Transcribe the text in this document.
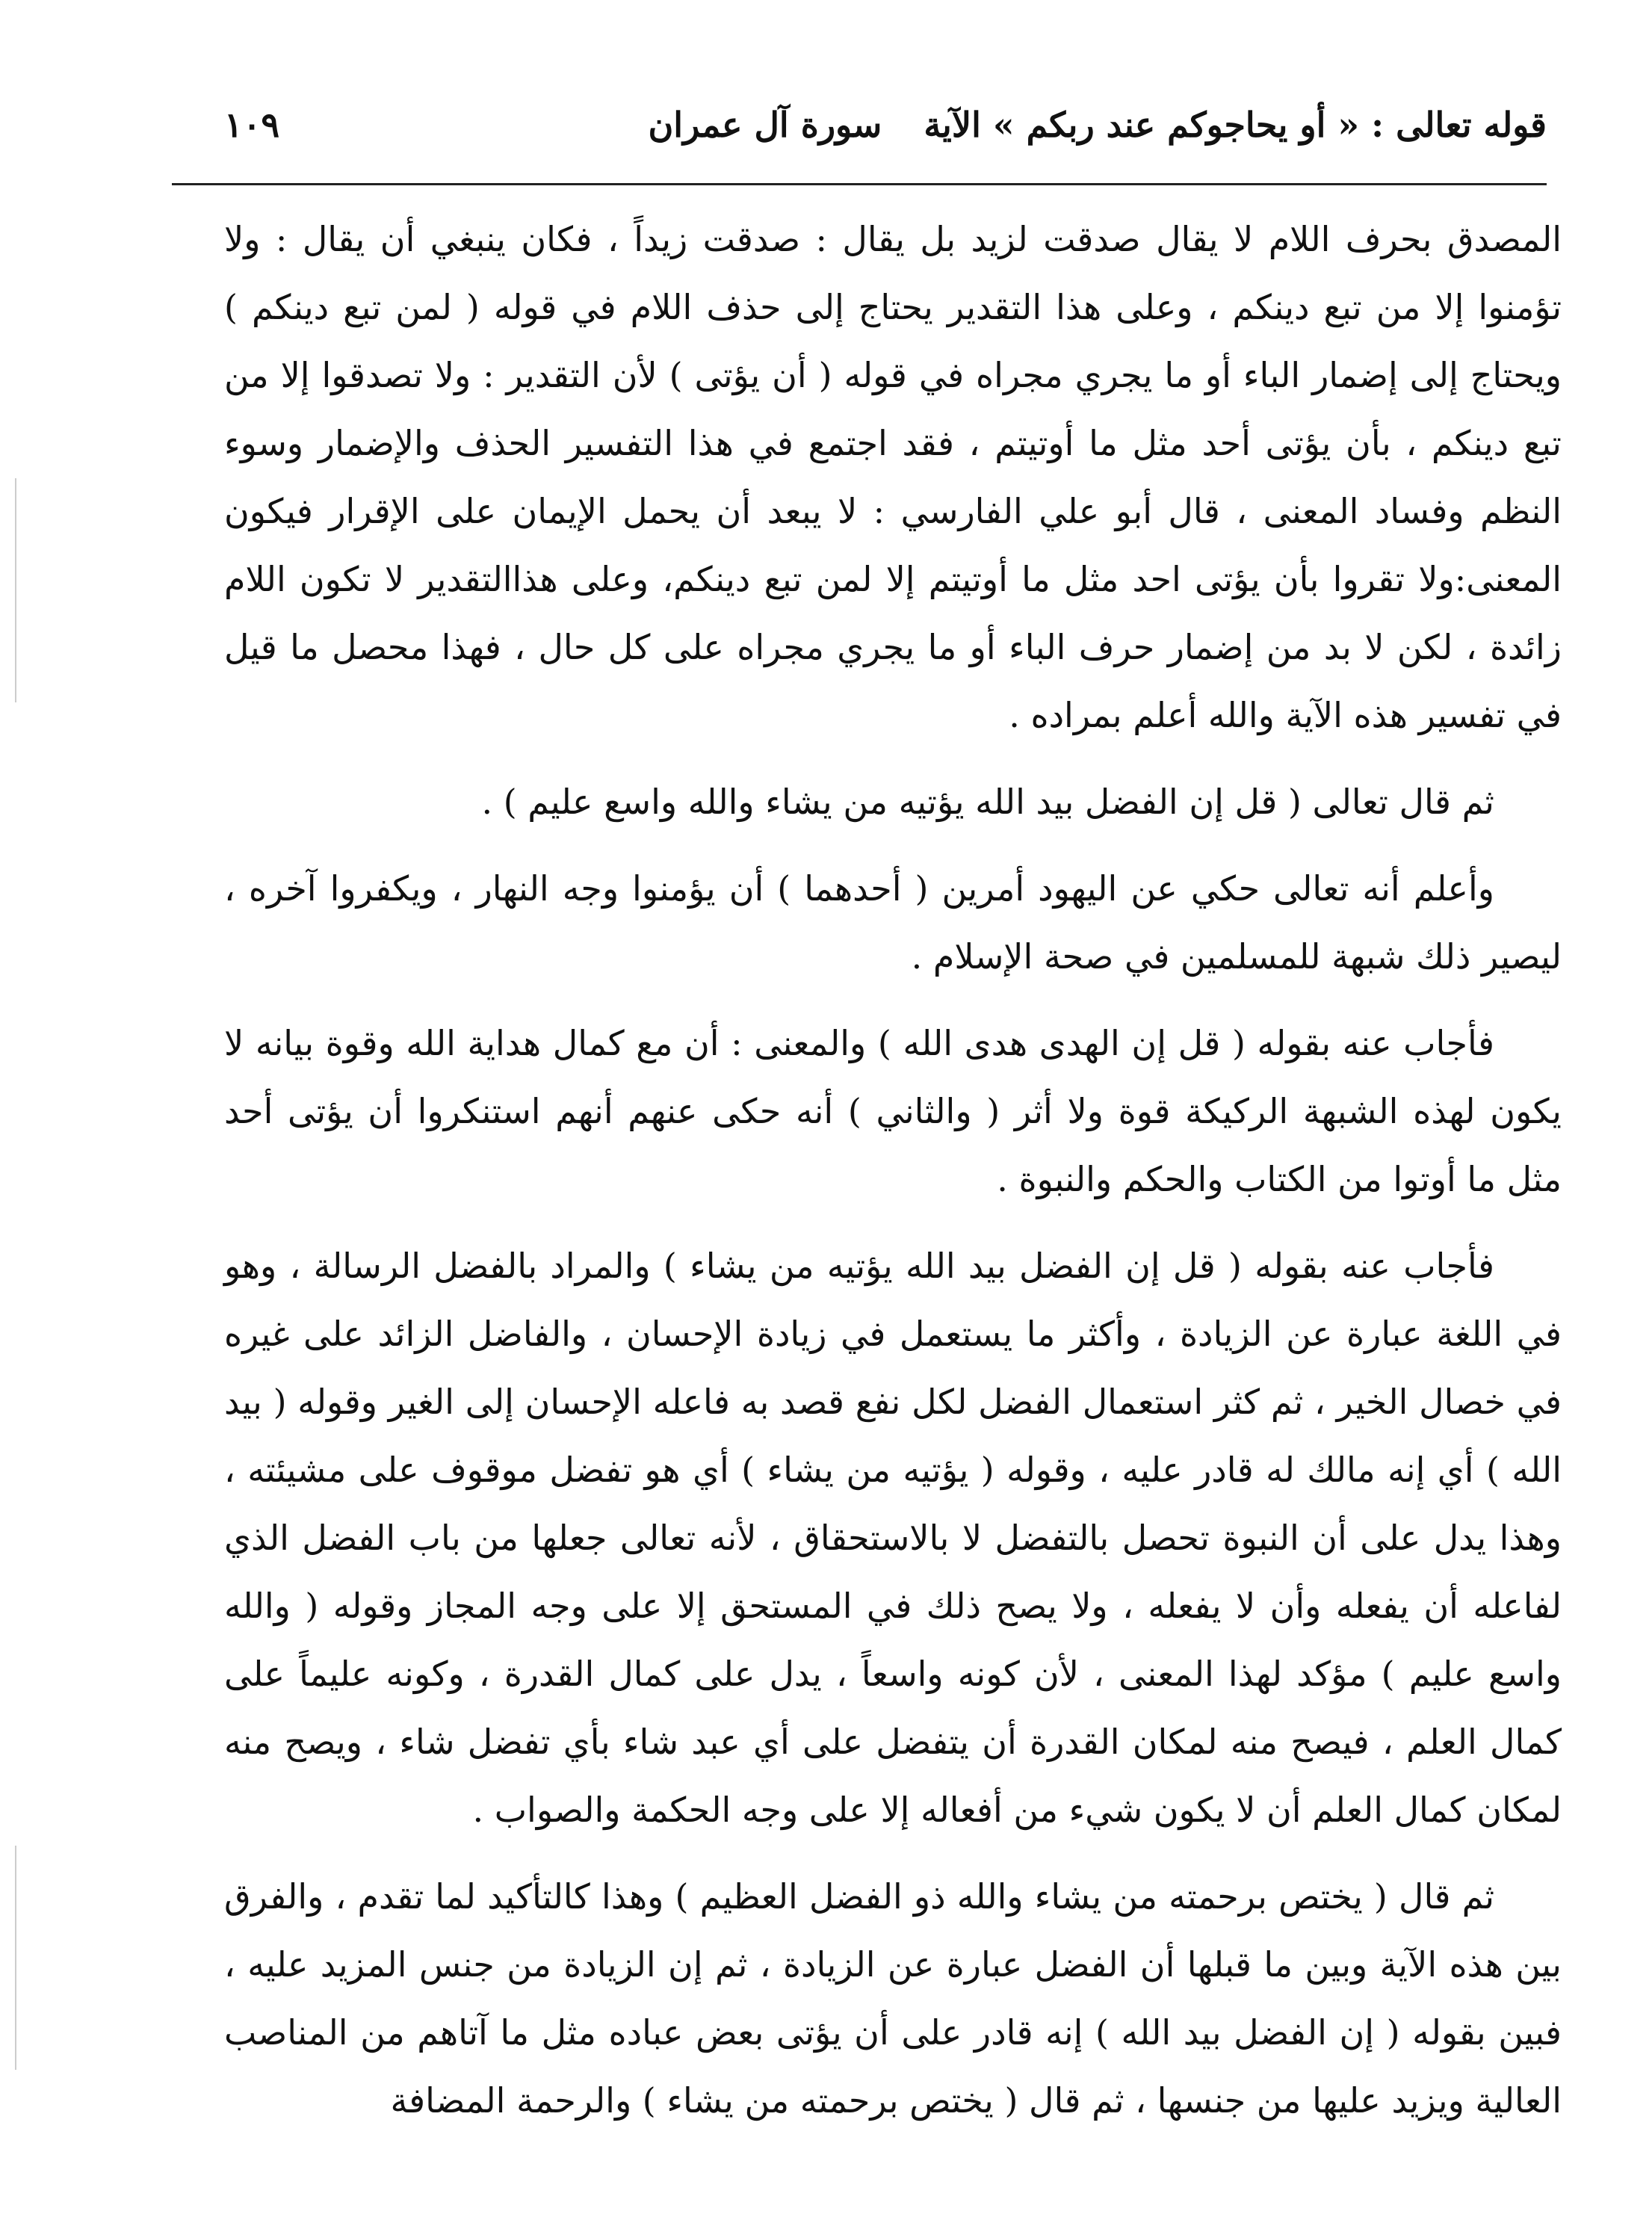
قوله تعالى : « أو يحاجوكم عند ربكم » الآية سورة آل عمران
١٠٩

المصدق بحرف اللام لا يقال صدقت لزيد بل يقال : صدقت زيداً ، فكان ينبغي أن يقال : ولا تؤمنوا إلا من تبع دينكم ، وعلى هذا التقدير يحتاج إلى حذف اللام في قوله ( لمن تبع دينكم ) ويحتاج إلى إضمار الباء أو ما يجري مجراه في قوله ( أن يؤتى ) لأن التقدير : ولا تصدقوا إلا من تبع دينكم ، بأن يؤتى أحد مثل ما أوتيتم ، فقد اجتمع في هذا التفسير الحذف والإضمار وسوء النظم وفساد المعنى ، قال أبو علي الفارسي : لا يبعد أن يحمل الإيمان على الإقرار فيكون المعنى:ولا تقروا بأن يؤتى احد مثل ما أوتيتم إلا لمن تبع دينكم، وعلى هذاالتقدير لا تكون اللام زائدة ، لكن لا بد من إضمار حرف الباء أو ما يجري مجراه على كل حال ، فهذا محصل ما قيل في تفسير هذه الآية والله أعلم بمراده .

ثم قال تعالى ( قل إن الفضل بيد الله يؤتيه من يشاء والله واسع عليم ) .

وأعلم أنه تعالى حكي عن اليهود أمرين ( أحدهما ) أن يؤمنوا وجه النهار ، ويكفروا آخره ، ليصير ذلك شبهة للمسلمين في صحة الإسلام .

فأجاب عنه بقوله ( قل إن الهدى هدى الله ) والمعنى : أن مع كمال هداية الله وقوة بيانه لا يكون لهذه الشبهة الركيكة قوة ولا أثر ( والثاني ) أنه حكى عنهم أنهم استنكروا أن يؤتى أحد مثل ما أوتوا من الكتاب والحكم والنبوة .

فأجاب عنه بقوله ( قل إن الفضل بيد الله يؤتيه من يشاء ) والمراد بالفضل الرسالة ، وهو في اللغة عبارة عن الزيادة ، وأكثر ما يستعمل في زيادة الإحسان ، والفاضل الزائد على غيره في خصال الخير ، ثم كثر استعمال الفضل لكل نفع قصد به فاعله الإحسان إلى الغير وقوله ( بيد الله ) أي إنه مالك له قادر عليه ، وقوله ( يؤتيه من يشاء ) أي هو تفضل موقوف على مشيئته ، وهذا يدل على أن النبوة تحصل بالتفضل لا بالاستحقاق ، لأنه تعالى جعلها من باب الفضل الذي لفاعله أن يفعله وأن لا يفعله ، ولا يصح ذلك في المستحق إلا على وجه المجاز وقوله ( والله واسع عليم ) مؤكد لهذا المعنى ، لأن كونه واسعاً ، يدل على كمال القدرة ، وكونه عليماً على كمال العلم ، فيصح منه لمكان القدرة أن يتفضل على أي عبد شاء بأي تفضل شاء ، ويصح منه لمكان كمال العلم أن لا يكون شيء من أفعاله إلا على وجه الحكمة والصواب .

ثم قال ( يختص برحمته من يشاء والله ذو الفضل العظيم ) وهذا كالتأكيد لما تقدم ، والفرق بين هذه الآية وبين ما قبلها أن الفضل عبارة عن الزيادة ، ثم إن الزيادة من جنس المزيد عليه ، فبين بقوله ( إن الفضل بيد الله ) إنه قادر على أن يؤتى بعض عباده مثل ما آتاهم من المناصب العالية ويزيد عليها من جنسها ، ثم قال ( يختص برحمته من يشاء ) والرحمة المضافة
